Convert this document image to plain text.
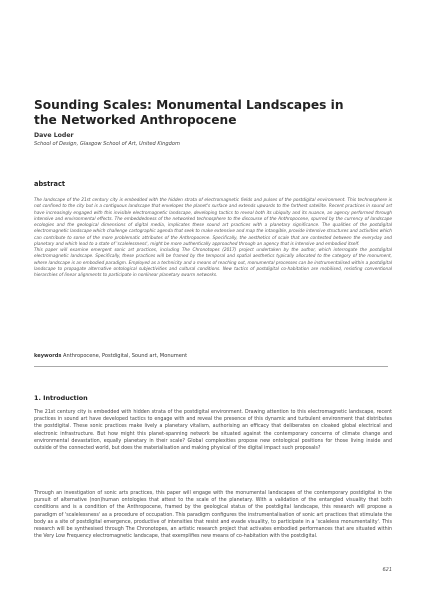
Sounding Scales: Monumental Landscapes in the Networked Anthropocene
Dave Loder
School of Design, Glasgow School of Art, United Kingdom
abstract

The landscape of the 21st century city is embedded with the hidden strata of electromagnetic fields and pulses of the postdigital environment. This technosphere is not confined to the city but is a contiguous landscape that envelopes the planet's surface and extends upwards to the farthest satellite. Recent practices in sound art have increasingly engaged with this invisible electromagnetic landscape, developing tactics to reveal both its ubiquity and its nuance, an agency performed through intensive and environmental effects. The embeddedness of the networked technosphere to the discourse of the Anthropocene, spurred by the currency of landscape ecologies and the geological dimensions of digital media, implicates these sound art practices with a planetary significance. The qualities of the postdigital electromagnetic landscape which challenge cartographic agenda that seek to make extensive and map the intangible, provide intensive structures and activities which can contribute to some of the more problematic attributes of the Anthropocene. Specifically, the aesthetics of scale that are contested between the everyday and planetary and which lead to a state of 'scalelessness', might be more authentically approached through an agency that is intensive and embodied itself.

This paper will examine emergent sonic art practices, including The Chronotopes (2017) project undertaken by the author, which interrogate the postdigital electromagnetic landscape. Specifically, these practices will be framed by the temporal and spatial aesthetics typically allocated to the category of the monument, where landscape is an embodied paradigm. Employed as a technicity and a means of reaching out, monumental processes can be instrumentalised within a postdigital landscape to propagate alternative ontological subjectivities and cultural conditions. New tactics of postdigital co-habitation are mobilised, resisting conventional hierarchies of linear alignments to participate in nonlinear planetary swarm networks.

keywords Anthropocene, Postdigital, Sound art, Monument
1. Introduction

The 21st century city is embedded with hidden strata of the postdigital environment. Drawing attention to this electromagnetic landscape, recent practices in sound art have developed tactics to engage with and reveal the presence of this dynamic and turbulent environment that distributes the postdigital. These sonic practices make lively a planetary vitalism, authorising an efficacy that deliberates on cloaked global electrical and electronic infrastructure. But how might this planet-spanning network be situated against the contemporary concerns of climate change and environmental devastation, equally planetary in their scale? Global complexities propose new ontological positions for those living inside and outside of the connected world, but does the materialisation and making physical of the digital impact such proposals?

Through an investigation of sonic arts practices, this paper will engage with the monumental landscapes of the contemporary postdigital in the pursuit of alternative (non)human ontologies that attest to the scale of the planetary. With a validation of the entangled visuality that both conditions and is a condition of the Anthropocene, framed by the geological status of the postdigital landscape, this research will propose a paradigm of 'scalelessness' as a procedure of occupation. This paradigm configures the instrumentalisation of sonic art practices that stimulate the body as a site of postdigital emergence, productive of intensities that resist and evade visuality, to participate in a 'scaleless monumentality'. This research will be synthesised through The Chronotopes, an artistic research project that activates embodied performances that are situated within the Very Low Frequency electromagnetic landscape, that exemplifies new means of co-habitation with the postdigital.

621
